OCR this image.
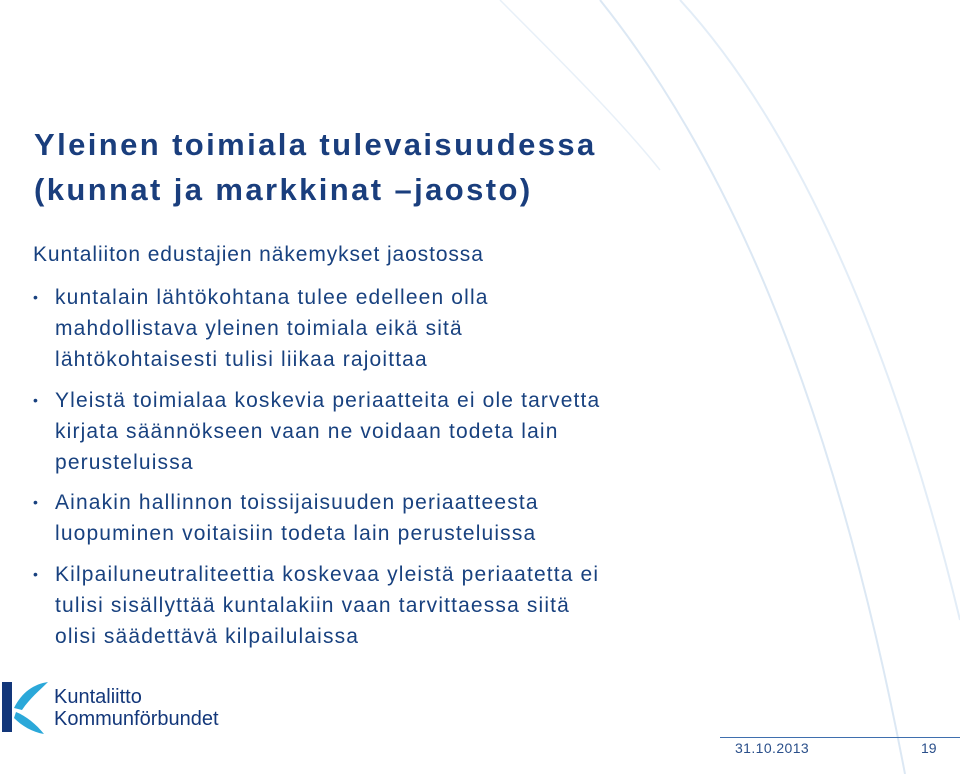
Yleinen toimiala tulevaisuudessa
(kunnat ja markkinat –jaosto)

Kuntaliiton edustajien näkemykset jaostossa

• kuntalain lähtökohtana tulee edelleen olla
mahdollistava yleinen toimiala eikä sitä
lähtökohtaisesti tulisi liikaa rajoittaa
• Yleistä toimialaa koskevia periaatteita ei ole tarvetta
kirjata säännökseen vaan ne voidaan todeta lain
perusteluissa
• Ainakin hallinnon toissijaisuuden periaatteesta
luopuminen voitaisiin todeta lain perusteluissa
• Kilpailuneutraliteettia koskevaa yleistä periaatetta ei
tulisi sisällyttää kuntalakiin vaan tarvittaessa siitä
olisi säädettävä kilpailulaissa
Kuntaliitto
Kommunförbundet
31.10.2013	19
